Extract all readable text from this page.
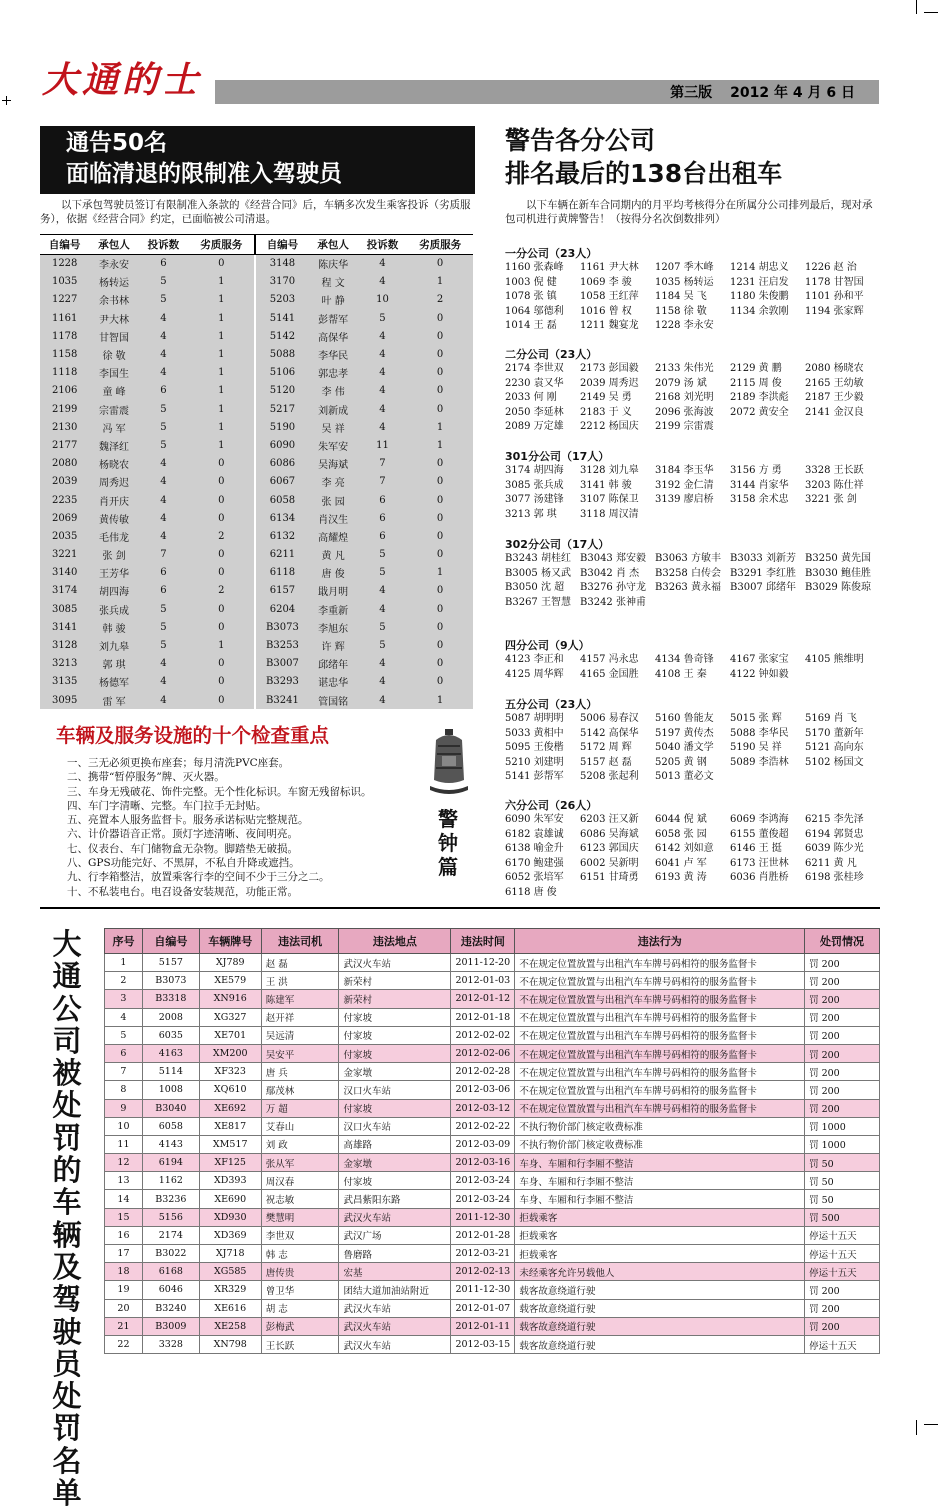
大通的士	第三版 2012 年 4 月 6 日
通告50名
面临清退的限制准入驾驶员

以下承包驾驶员签订有限制准入条款的《经营合同》后，车辆多次发生乘客投诉（劣质服务），依据《经营合同》约定，已面临被公司清退。

自编号	承包人	投诉数	劣质服务	自编号	承包人	投诉数	劣质服务
1228	李永安	6	0	3148	陈庆华	4	0
1035	杨转运	5	1	3170	程 文	4	1
1227	余书林	5	1	5203	叶 静	10	2
1161	尹大林	4	1	5141	彭帮军	5	0
1178	甘智国	4	1	5142	高保华	4	0
1158	徐 敬	4	1	5088	李华民	4	0
1118	李国生	4	1	5106	郭忠孝	4	0
2106	童 峰	6	1	5120	李 伟	4	0
2199	宗雷震	5	1	5217	刘新成	4	0
2130	冯 军	5	1	5190	吴 祥	4	1
2177	魏泽红	5	1	6090	朱军安	11	1
2080	杨晓农	4	0	6086	吴海斌	7	0
2039	周秀迟	4	0	6067	李 亮	7	0
2235	肖开庆	4	0	6058	张 园	6	0
2069	黄传敏	4	0	6134	肖汉生	6	0
2035	毛伟龙	4	2	6132	高耀煌	6	0
3221	张 剑	7	0	6211	黄 凡	5	0
3140	王芳华	6	0	6118	唐 俊	5	1
3174	胡四海	6	2	6157	戢月明	4	0
3085	张兵成	5	0	6204	李重新	4	0
3141	韩 骏	5	0	B3073	李旭东	5	0
3128	刘九皋	5	1	B3253	许 辉	5	0
3213	郭 琪	4	0	B3007	邱绪年	4	0
3135	杨德军	4	0	B3293	谌忠华	4	0
3095	雷 军	4	0	B3241	管国铭	4	1
车辆及服务设施的十个检查重点
一、三无必须更换布座套；每月清洗PVC座套。
二、携带“暂停服务”牌、灭火器。
三、车身无残破花、饰件完整。无个性化标识。车窗无残留标识。
四、车门字清晰、完整。车门拉手无封贴。
五、亮置本人服务监督卡。服务承诺标贴完整规范。
六、计价器语音正常。顶灯字迹清晰、夜间明亮。
七、仪表台、车门储物盒无杂物。脚踏垫无破损。
八、GPS功能完好、不黑屏，不私自升降或遮挡。
九、行李箱整洁，放置乘客行李的空间不少于三分之二。
十、不私装电台。电召设备安装规范，功能正常。
警钟篇
警告各分公司
排名最后的138台出租车

以下车辆在新车合同期内的月平均考核得分在所属分公司排列最后，现对承包司机进行黄牌警告！（按得分名次倒数排列）

一分公司（23人）
1160 张森峰	1161 尹大林	1207 季木峰	1214 胡忠义	1226 赵 治
1003 倪 健	1069 李 骏	1035 杨转运	1231 汪启发	1178 甘智国
1078 张 镇	1058 王红萍	1184 吴 飞	1180 朱俊鹏	1101 孙和平
1064 邬德利	1016 曾 权	1158 徐 敬	1134 余敦刚	1194 张家辉
1014 王 磊	1211 魏宴龙	1228 李永安
二分公司（23人）
2174 李世双	2173 彭国毅	2133 朱伟光	2129 黄 鹏	2080 杨晓农
2230 袁又华	2039 周秀迟	2079 汤 斌	2115 周 俊	2165 王幼敏
2033 何 刚	2149 吴 勇	2168 刘光明	2189 李洪彪	2187 王少毅
2050 李延林	2183 于 义	2096 张海波	2072 黄安全	2141 金汉良
2089 万定雄	2212 杨国庆	2199 宗雷震
301分公司（17人）
3174 胡四海	3128 刘九皋	3184 李玉华	3156 方 勇	3328 王长跃
3085 张兵成	3141 韩 骏	3192 金仁清	3144 肖家华	3203 陈仕祥
3077 汤建锋	3107 陈保卫	3139 廖启桥	3158 余术忠	3221 张 剑
3213 郭 琪	3118 周汉清
302分公司（17人）
B3243 胡桂红 B3043 郑安毅 B3063 方敏丰 B3033 刘新芳 B3250 黄先国
B3005 杨又武 B3042 肖 杰	B3258 白传会 B3291 李红胜 B3030 鲍佳胜
B3050 沈 超	B3276 孙守龙 B3263 黄永福 B3007 邱绪年 B3029 陈俊琼
B3267 王智慧 B3242 张神甫
四分公司（9人）
4123 李正和	4157 冯永忠	4134 鲁奇锋	4167 张家宝	4105 熊维明
4125 周华辉	4165 金国胜	4108 王 秦	4122 钟如毅
五分公司（23人）
5087 胡明明	5006 易春汉	5160 鲁能友	5015 张 辉	5169 肖 飞
5033 黄相中	5142 高保华	5197 黄传杰	5088 李华民	5170 董新年
5095 王俊楷	5172 周 辉	5040 潘文学	5190 吴 祥	5121 高向东
5210 刘建明	5157 赵 磊	5205 黄 钢	5089 李浩林	5102 杨国文
5141 彭帮军	5208 张起利	5013 董必文
六分公司（26人）
6090 朱军安	6203 汪又新	6044 倪 斌	6069 李鸿海	6215 李先泽
6182 袁雄诚	6086 吴海斌	6058 张 园	6155 董俊超	6194 郭贤忠
6138 喻金升	6123 郭国庆	6142 刘如意	6146 王 挺	6039 陈少光
6170 鲍建强	6002 吴新明	6041 卢 军	6173 汪世林	6211 黄 凡
6052 张培军	6151 甘琦勇	6193 黄 涛	6036 肖胜桥	6198 张桂珍
6118 唐 俊
大通公司被处罚的车辆及驾驶员处罚名单
序号	自编号	车辆牌号	违法司机	违法地点	违法时间	违法行为	处罚情况
1	5157	XJ789	赵 磊	武汉火车站	2011-12-20	不在规定位置放置与出租汽车车牌号码相符的服务监督卡	罚 200
2	B3073	XE579	王 洪	新荣村	2012-01-03	不在规定位置放置与出租汽车车牌号码相符的服务监督卡	罚 200
3	B3318	XN916	陈建军	新荣村	2012-01-12	不在规定位置放置与出租汽车车牌号码相符的服务监督卡	罚 200
4	2008	XG327	赵开祥	付家坡	2012-01-18	不在规定位置放置与出租汽车车牌号码相符的服务监督卡	罚 200
5	6035	XE701	吴远清	付家坡	2012-02-02	不在规定位置放置与出租汽车车牌号码相符的服务监督卡	罚 200
6	4163	XM200	吴安平	付家坡	2012-02-06	不在规定位置放置与出租汽车车牌号码相符的服务监督卡	罚 200
7	5114	XF323	唐 兵	金家墩	2012-02-28	不在规定位置放置与出租汽车车牌号码相符的服务监督卡	罚 200
8	1008	XQ610	鄢茂林	汉口火车站	2012-03-06	不在规定位置放置与出租汽车车牌号码相符的服务监督卡	罚 200
9	B3040	XE692	万 超	付家坡	2012-03-12	不在规定位置放置与出租汽车车牌号码相符的服务监督卡	罚 200
10	6058	XE817	艾春山	汉口火车站	2012-02-22	不执行物价部门核定收费标准	罚 1000
11	4143	XM517	刘 政	高雄路	2012-03-09	不执行物价部门核定收费标准	罚 1000
12	6194	XF125	张从军	金家墩	2012-03-16	车身、车厢和行李厢不整洁	罚 50
13	1162	XD393	周汉春	付家坡	2012-03-24	车身、车厢和行李厢不整洁	罚 50
14	B3236	XE690	祝志敏	武昌紫阳东路	2012-03-24	车身、车厢和行李厢不整洁	罚 50
15	5156	XD930	樊慧明	武汉火车站	2011-12-30	拒载乘客	罚 500
16	2174	XD369	李世双	武汉广场	2012-01-28	拒载乘客	停运十五天
17	B3022	XJ718	韩 志	鲁磨路	2012-03-21	拒载乘客	停运十五天
18	6168	XG585	唐传贵	宏基	2012-02-13	未经乘客允许另载他人	停运十五天
19	6046	XR329	曾卫华	团结大道加油站附近	2011-12-30	载客故意绕道行驶	罚 200
20	B3240	XE616	胡 志	武汉火车站	2012-01-07	载客故意绕道行驶	罚 200
21	B3009	XE258	彭梅武	武汉火车站	2012-01-11	载客故意绕道行驶	罚 200
22	3328	XN798	王长跃	武汉火车站	2012-03-15	载客故意绕道行驶	停运十五天
